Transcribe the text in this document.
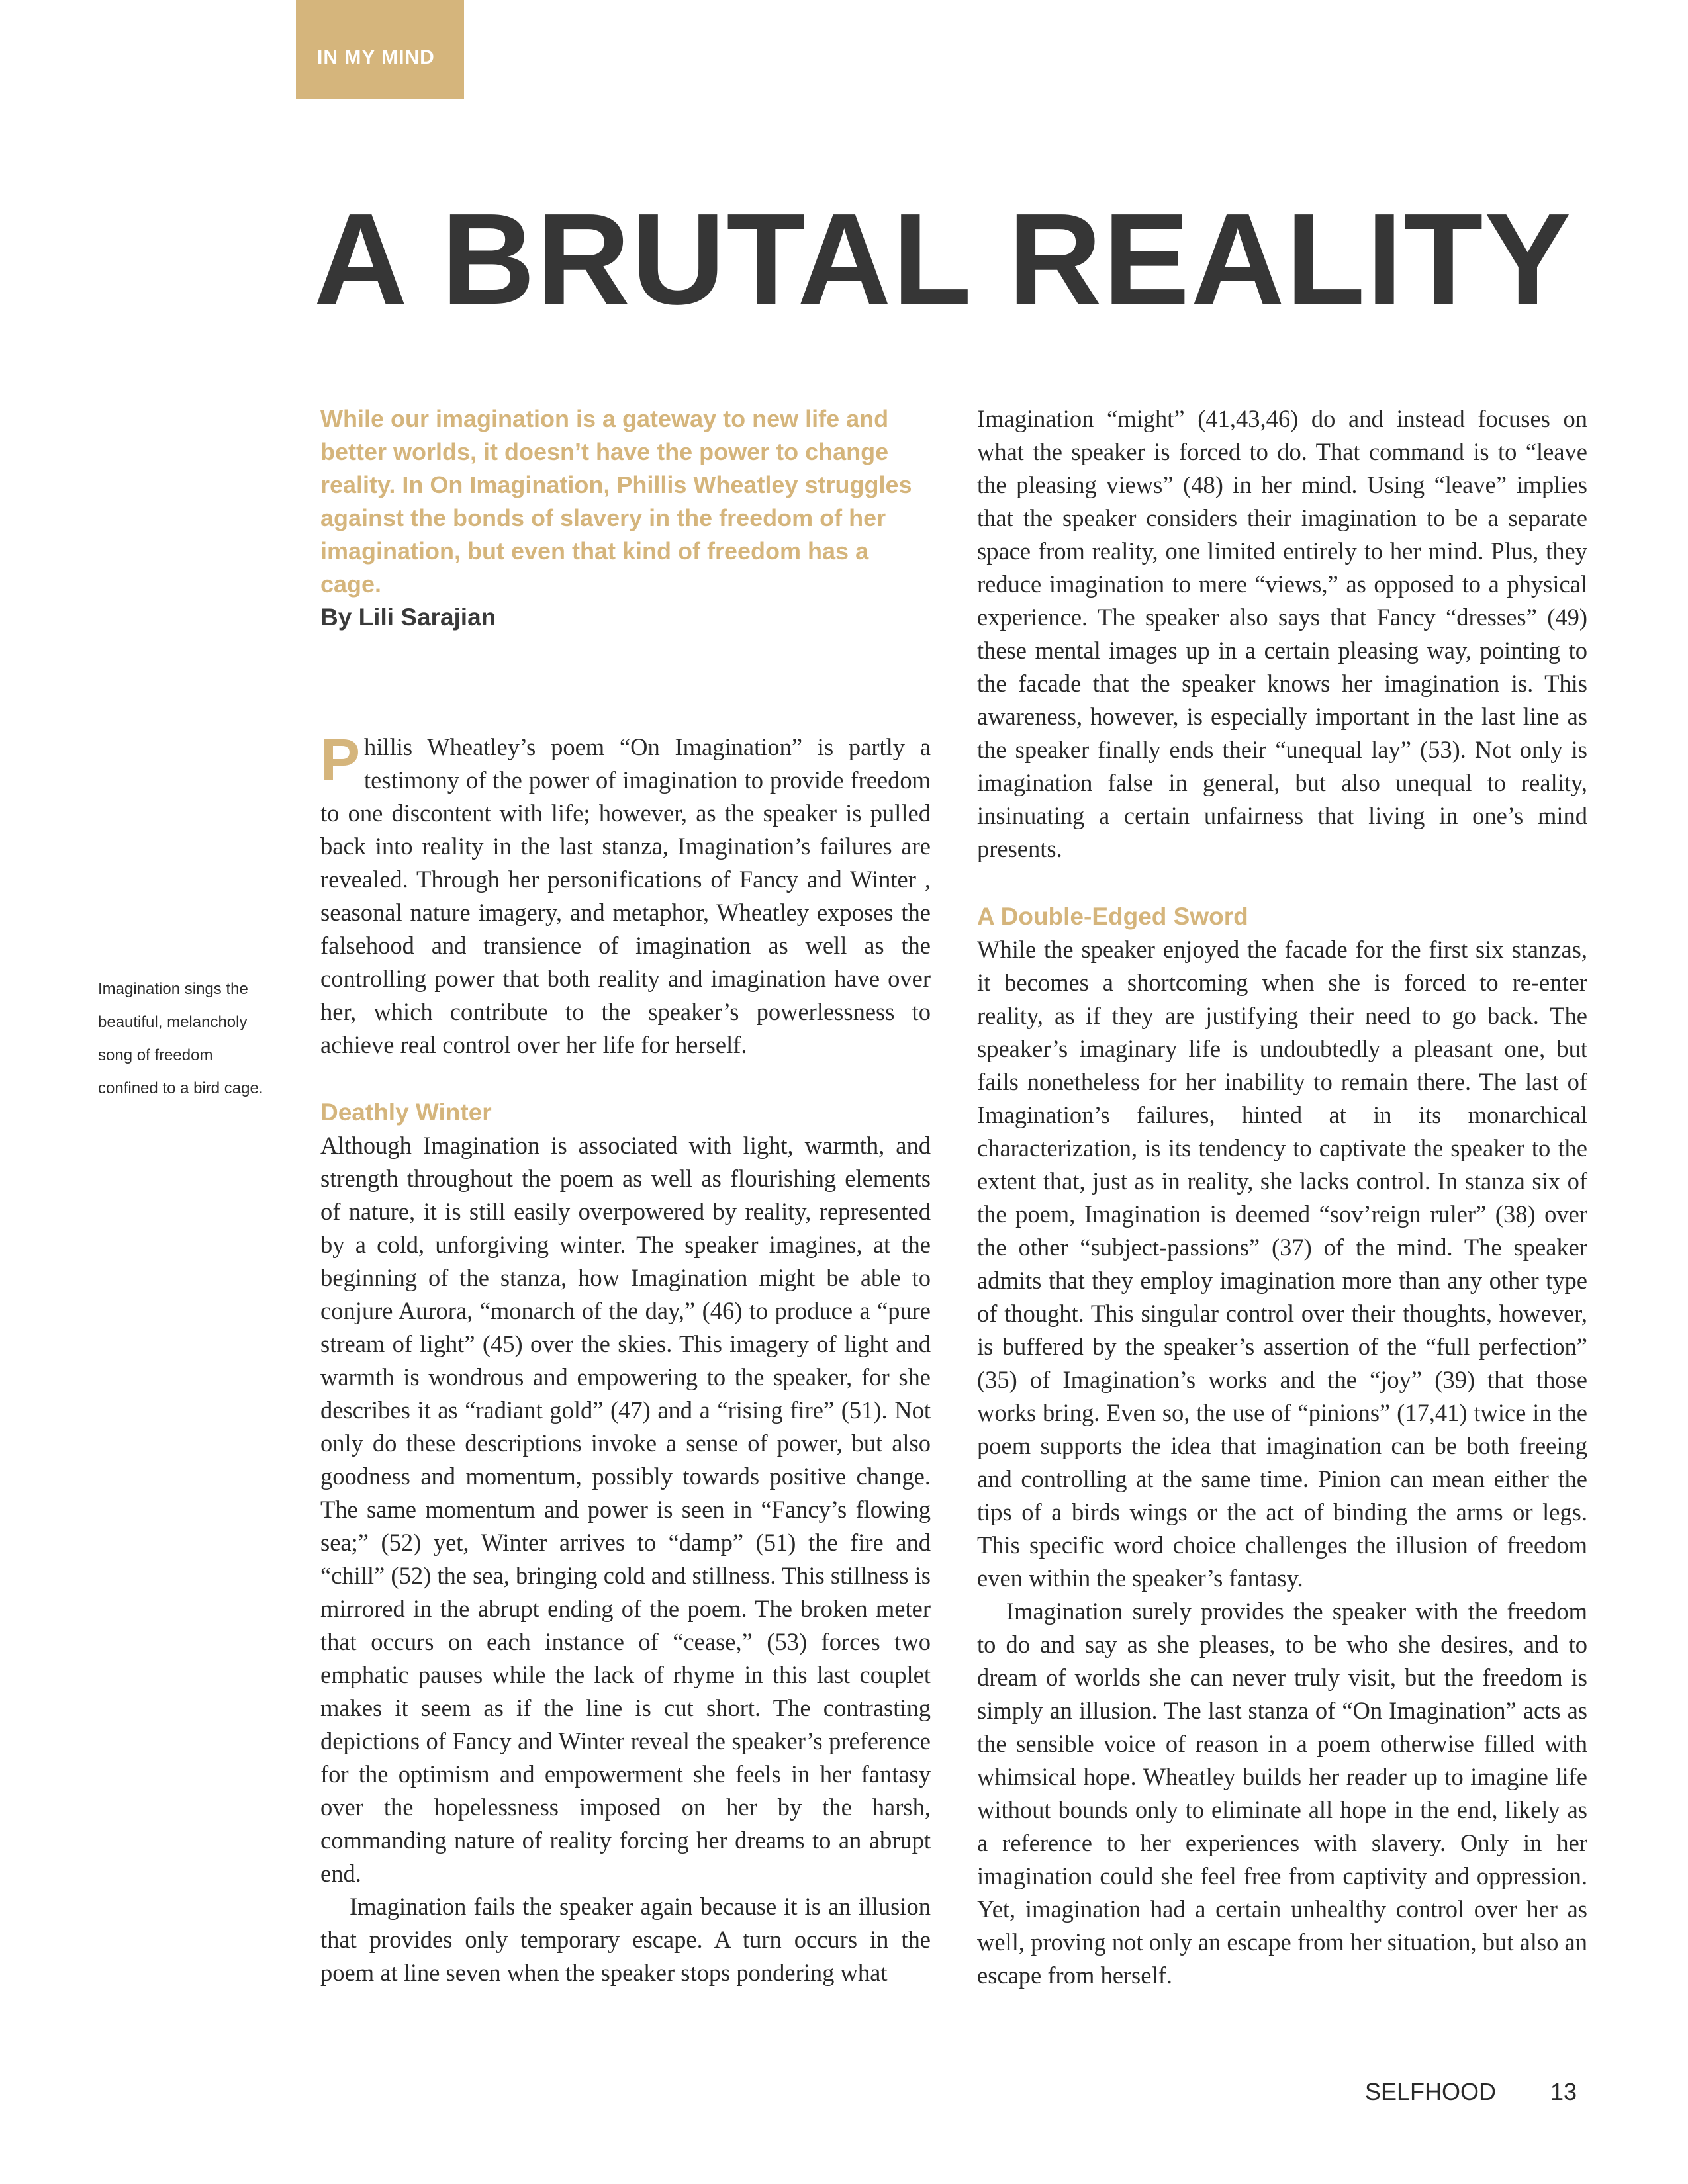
IN MY MIND
A BRUTAL REALITY

While our imagination is a gateway to new life and better worlds, it doesn’t have the power to change reality. In On Imagination, Phillis Wheatley struggles against the bonds of slavery in the freedom of her imagination, but even that kind of freedom has a cage.

By Lili Sarajian

Imagination sings the beautiful, melancholy song of freedom confined to a bird cage.

Phillis Wheatley’s poem “On Imagination” is partly a testimony of the power of imagination to provide freedom to one discontent with life; however, as the speaker is pulled back into reality in the last stanza, Imagination’s failures are revealed. Through her personifications of Fancy and Winter , seasonal nature imagery, and metaphor, Wheatley exposes the falsehood and transience of imagination as well as the controlling power that both reality and imagination have over her, which contribute to the speaker’s powerlessness to achieve real control over her life for herself.

Deathly Winter

Although Imagination is associated with light, warmth, and strength throughout the poem as well as flourishing elements of nature, it is still easily overpowered by reality, represented by a cold, unforgiving winter. The speaker imagines, at the beginning of the stanza, how Imagination might be able to conjure Aurora, “monarch of the day,” (46) to produce a “pure stream of light” (45) over the skies. This imagery of light and warmth is wondrous and empowering to the speaker, for she describes it as “radiant gold” (47) and a “rising fire” (51). Not only do these descriptions invoke a sense of power, but also goodness and momentum, possibly towards positive change. The same momentum and power is seen in “Fancy’s flowing sea;” (52) yet, Winter arrives to “damp” (51) the fire and “chill” (52) the sea, bringing cold and stillness. This stillness is mirrored in the abrupt ending of the poem. The broken meter that occurs on each instance of “cease,” (53) forces two emphatic pauses while the lack of rhyme in this last couplet makes it seem as if the line is cut short. The contrasting depictions of Fancy and Winter reveal the speaker’s preference for the optimism and empowerment she feels in her fantasy over the hopelessness imposed on her by the harsh, commanding nature of reality forcing her dreams to an abrupt end.

Imagination fails the speaker again because it is an illusion that provides only temporary escape. A turn occurs in the poem at line seven when the speaker stops pondering what

Imagination “might” (41,43,46) do and instead focuses on what the speaker is forced to do. That command is to “leave the pleasing views” (48) in her mind. Using “leave” implies that the speaker considers their imagination to be a separate space from reality, one limited entirely to her mind. Plus, they reduce imagination to mere “views,” as opposed to a physical experience. The speaker also says that Fancy “dresses” (49) these mental images up in a certain pleasing way, pointing to the facade that the speaker knows her imagination is. This awareness, however, is especially important in the last line as the speaker finally ends their “unequal lay” (53). Not only is imagination false in general, but also unequal to reality, insinuating a certain unfairness that living in one’s mind presents.

A Double-Edged Sword

While the speaker enjoyed the facade for the first six stanzas, it becomes a shortcoming when she is forced to re-enter reality, as if they are justifying their need to go back. The speaker’s imaginary life is undoubtedly a pleasant one, but fails nonetheless for her inability to remain there. The last of Imagination’s failures, hinted at in its monarchical characterization, is its tendency to captivate the speaker to the extent that, just as in reality, she lacks control. In stanza six of the poem, Imagination is deemed “sov’reign ruler” (38) over the other “subject-passions” (37) of the mind. The speaker admits that they employ imagination more than any other type of thought. This singular control over their thoughts, however, is buffered by the speaker’s assertion of the “full perfection” (35) of Imagination’s works and the “joy” (39) that those works bring. Even so, the use of “pinions” (17,41) twice in the poem supports the idea that imagination can be both freeing and controlling at the same time. Pinion can mean either the tips of a birds wings or the act of binding the arms or legs. This specific word choice challenges the illusion of freedom even within the speaker’s fantasy.

Imagination surely provides the speaker with the freedom to do and say as she pleases, to be who she desires, and to dream of worlds she can never truly visit, but the freedom is simply an illusion. The last stanza of “On Imagination” acts as the sensible voice of reason in a poem otherwise filled with whimsical hope. Wheatley builds her reader up to imagine life without bounds only to eliminate all hope in the end, likely as a reference to her experiences with slavery. Only in her imagination could she feel free from captivity and oppression. Yet, imagination had a certain unhealthy control over her as well, proving not only an escape from her situation, but also an escape from herself.

SELFHOOD 13
